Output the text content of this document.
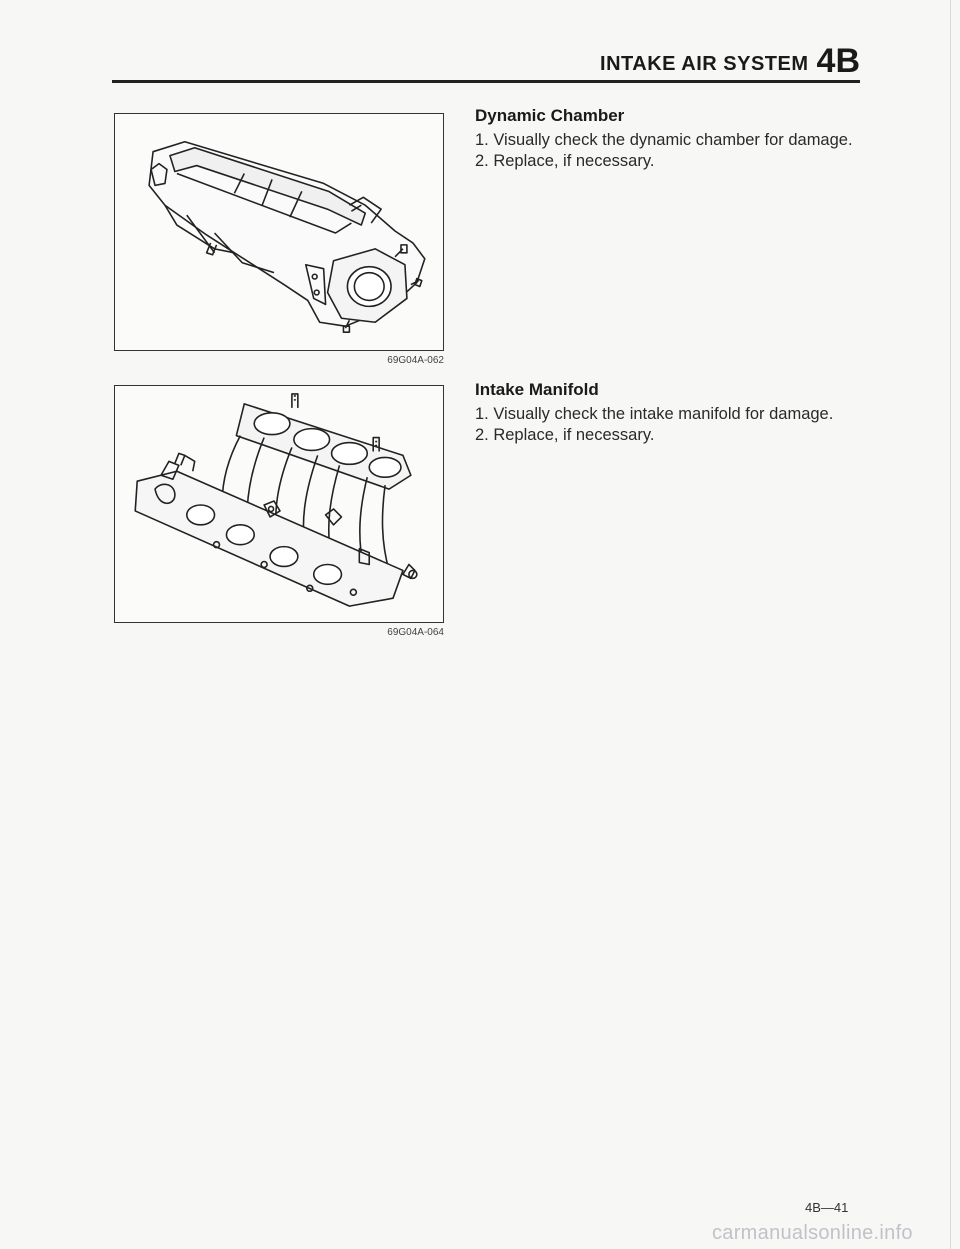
INTAKE AIR SYSTEM 4B
69G04A-062
69G04A-064
Dynamic Chamber
1. Visually check the dynamic chamber for damage.
2. Replace, if necessary.
Intake Manifold
1. Visually check the intake manifold for damage.
2. Replace, if necessary.
4B—41
carmanualsonline.info
